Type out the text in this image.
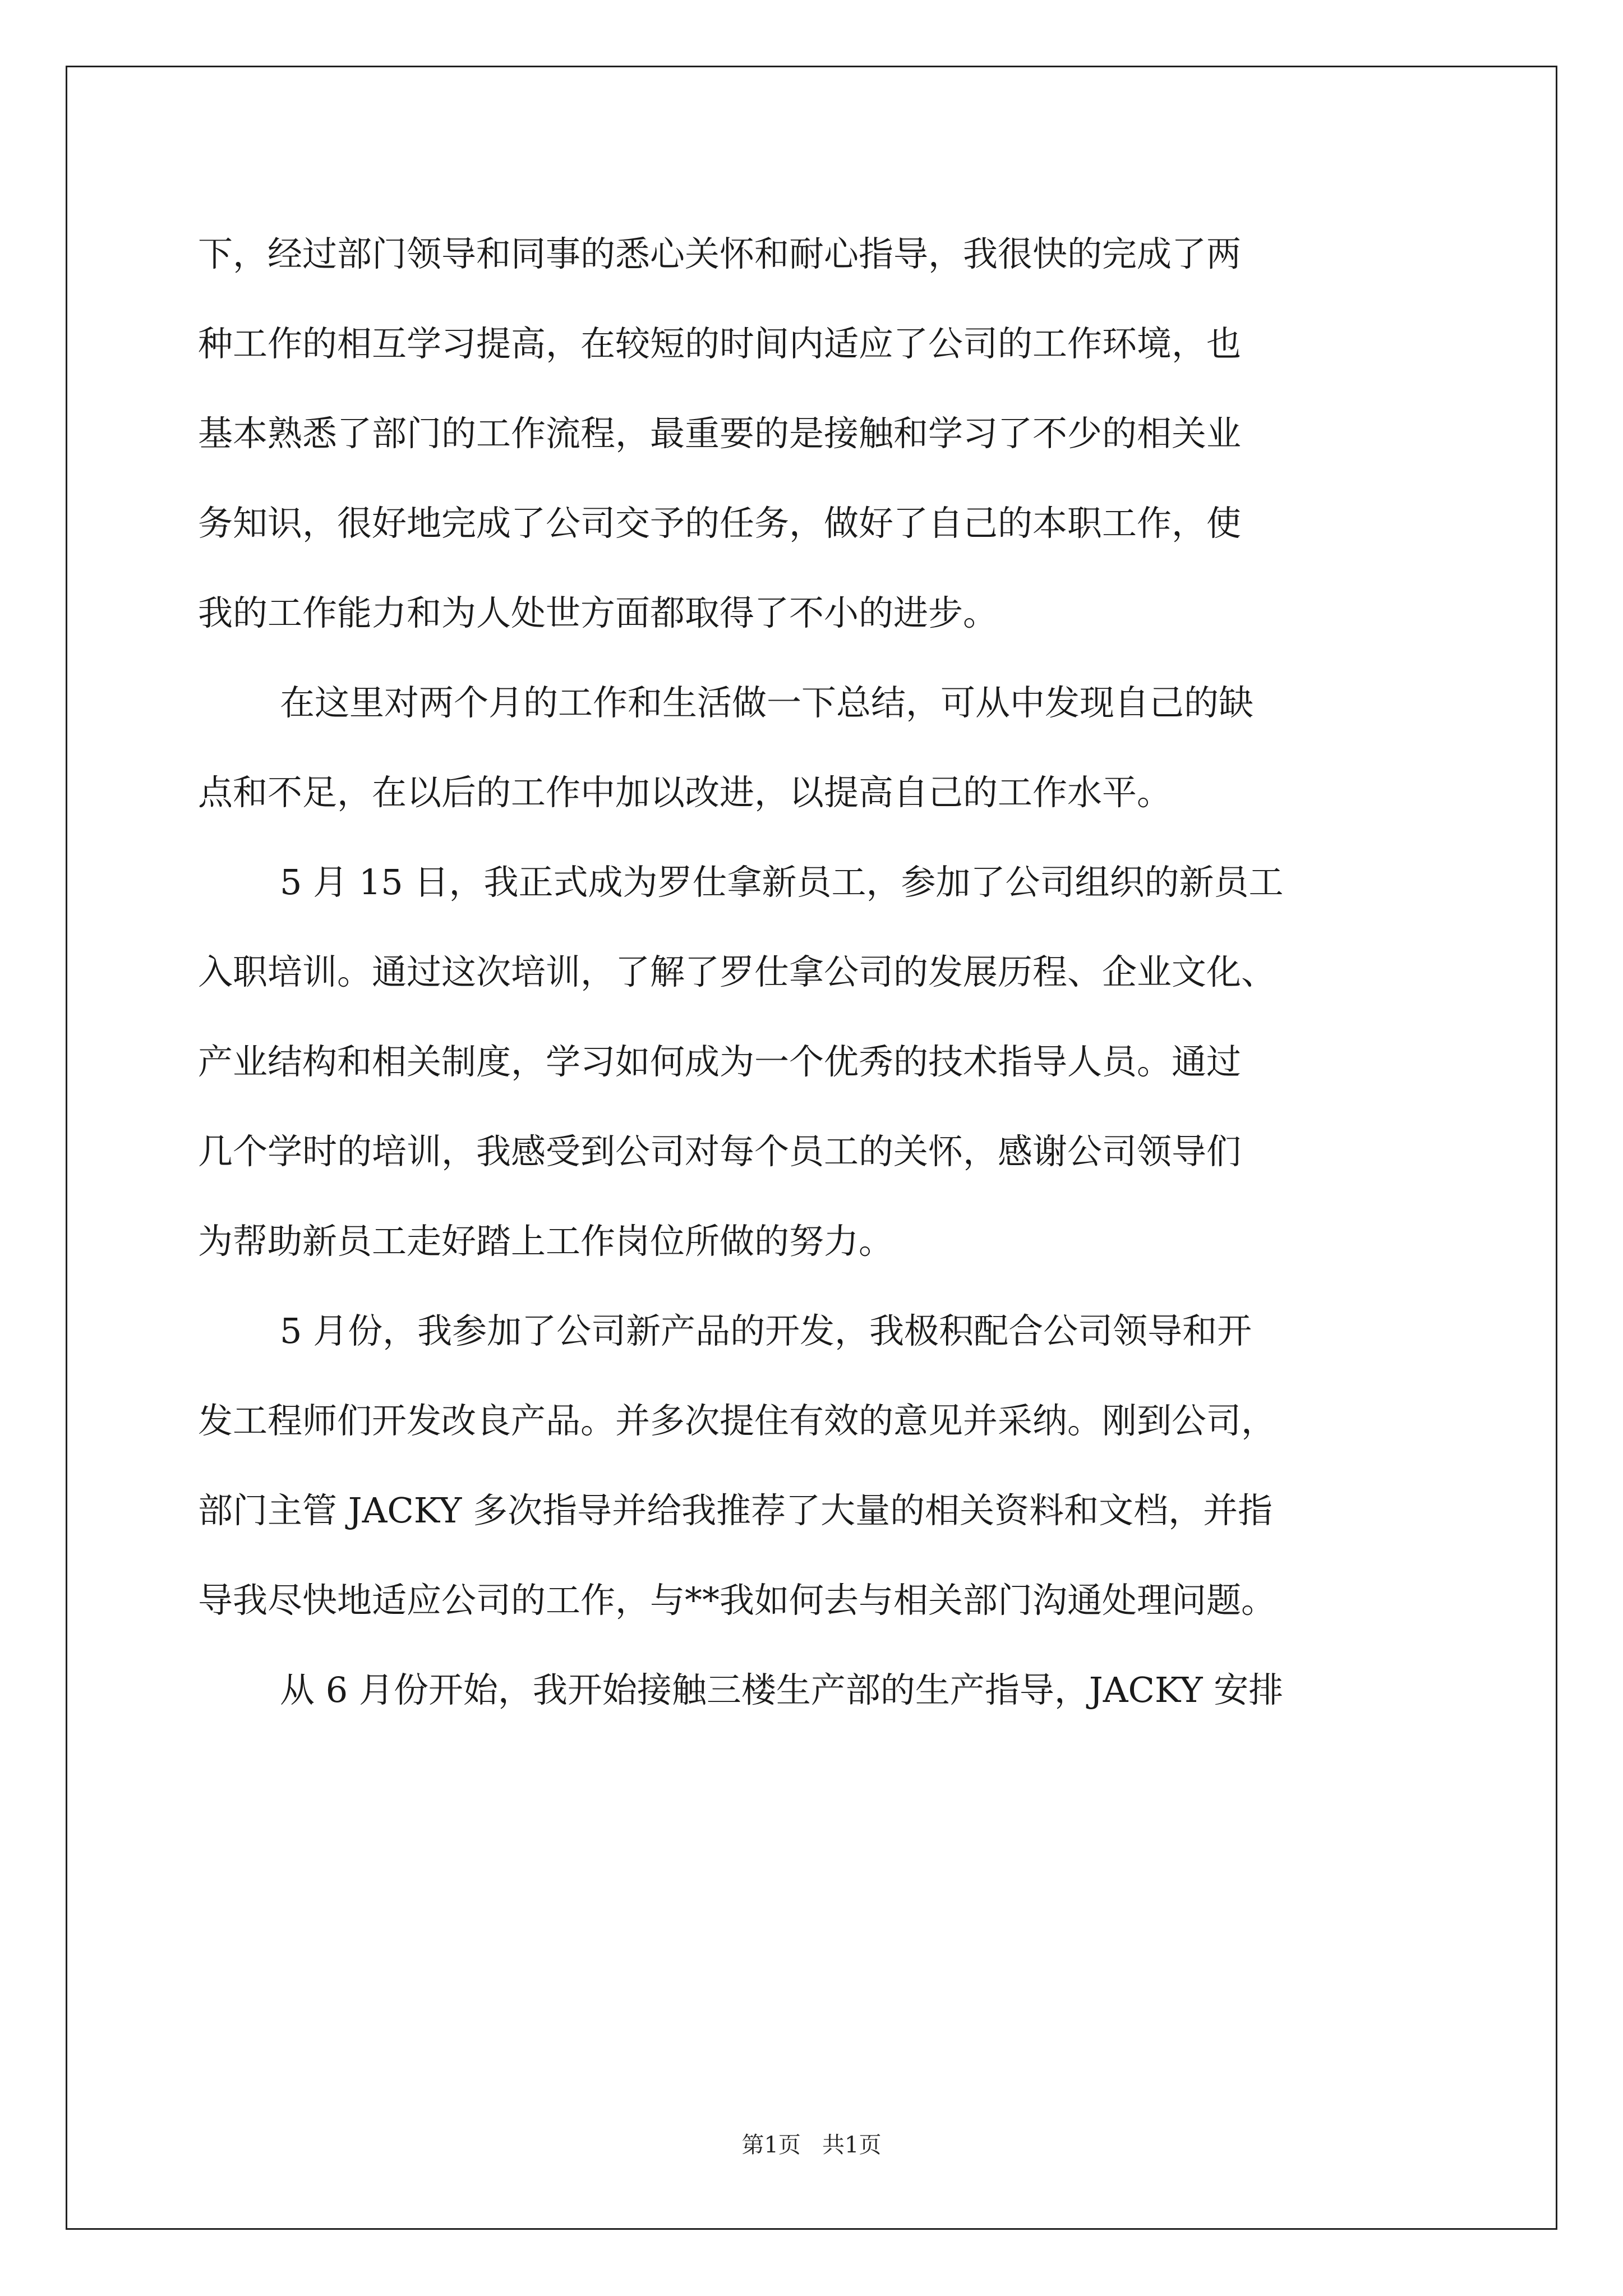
下，经过部门领导和同事的悉心关怀和耐心指导，我很快的完成了两
种工作的相互学习提高，在较短的时间内适应了公司的工作环境，也
基本熟悉了部门的工作流程，最重要的是接触和学习了不少的相关业
务知识，很好地完成了公司交予的任务，做好了自己的本职工作，使
我的工作能力和为人处世方面都取得了不小的进步。
在这里对两个月的工作和生活做一下总结，可从中发现自己的缺
点和不足，在以后的工作中加以改进，以提高自己的工作水平。
5 月 15 日，我正式成为罗仕拿新员工，参加了公司组织的新员工
入职培训。通过这次培训，了解了罗仕拿公司的发展历程、企业文化、
产业结构和相关制度，学习如何成为一个优秀的技术指导人员。通过
几个学时的培训，我感受到公司对每个员工的关怀，感谢公司领导们
为帮助新员工走好踏上工作岗位所做的努力。
5 月份，我参加了公司新产品的开发，我极积配合公司领导和开
发工程师们开发改良产品。并多次提住有效的意见并采纳。刚到公司，
部门主管 JACKY 多次指导并给我推荐了大量的相关资料和文档，并指
导我尽快地适应公司的工作，与**我如何去与相关部门沟通处理问题。
从 6 月份开始，我开始接触三楼生产部的生产指导，JACKY 安排
第1页   共1页
